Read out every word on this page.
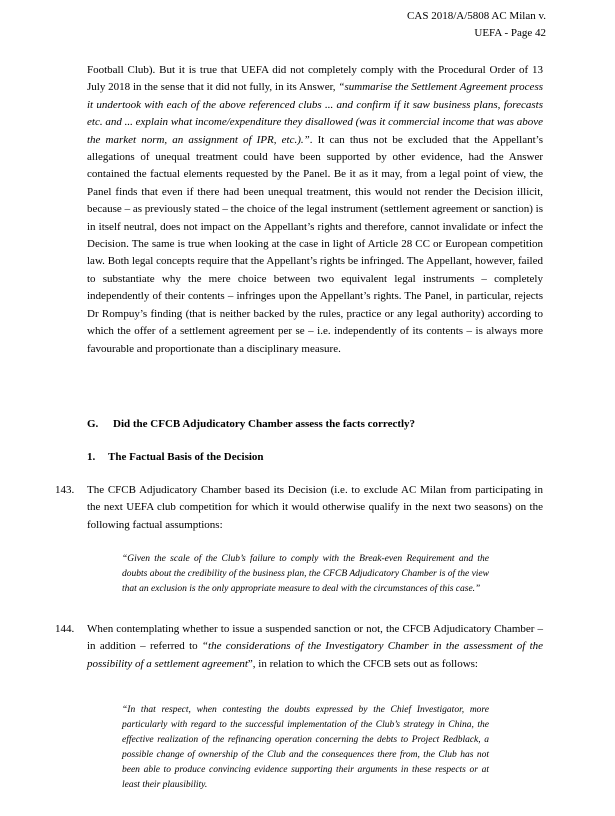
CAS 2018/A/5808 AC Milan v.
UEFA - Page 42

Football Club). But it is true that UEFA did not completely comply with the Procedural Order of 13 July 2018 in the sense that it did not fully, in its Answer, “summarise the Settlement Agreement process it undertook with each of the above referenced clubs ... and confirm if it saw business plans, forecasts etc. and ... explain what income/expenditure they disallowed (was it commercial income that was above the market norm, an assignment of IPR, etc.).”. It can thus not be excluded that the Appellant’s allegations of unequal treatment could have been supported by other evidence, had the Answer contained the factual elements requested by the Panel. Be it as it may, from a legal point of view, the Panel finds that even if there had been unequal treatment, this would not render the Decision illicit, because – as previously stated – the choice of the legal instrument (settlement agreement or sanction) is in itself neutral, does not impact on the Appellant’s rights and therefore, cannot invalidate or infect the Decision. The same is true when looking at the case in light of Article 28 CC or European competition law. Both legal concepts require that the Appellant’s rights be infringed. The Appellant, however, failed to substantiate why the mere choice between two equivalent legal instruments – completely independently of their contents – infringes upon the Appellant’s rights. The Panel, in particular, rejects Dr Rompuy’s finding (that is neither backed by the rules, practice or any legal authority) according to which the offer of a settlement agreement per se – i.e. independently of its contents – is always more favourable and proportionate than a disciplinary measure.

G. Did the CFCB Adjudicatory Chamber assess the facts correctly?
1. The Factual Basis of the Decision
143.	The CFCB Adjudicatory Chamber based its Decision (i.e. to exclude AC Milan from participating in the next UEFA club competition for which it would otherwise qualify in the next two seasons) on the following factual assumptions:
“Given the scale of the Club’s failure to comply with the Break-even Requirement and the doubts about the credibility of the business plan, the CFCB Adjudicatory Chamber is of the view that an exclusion is the only appropriate measure to deal with the circumstances of this case.”
144.	When contemplating whether to issue a suspended sanction or not, the CFCB Adjudicatory Chamber – in addition – referred to “the considerations of the Investigatory Chamber in the assessment of the possibility of a settlement agreement”, in relation to which the CFCB sets out as follows:
“In that respect, when contesting the doubts expressed by the Chief Investigator, more particularly with regard to the successful implementation of the Club’s strategy in China, the effective realization of the refinancing operation concerning the debts to Project Redblack, a possible change of ownership of the Club and the consequences there from, the Club has not been able to produce convincing evidence supporting their arguments in these respects or at least their plausibility.
